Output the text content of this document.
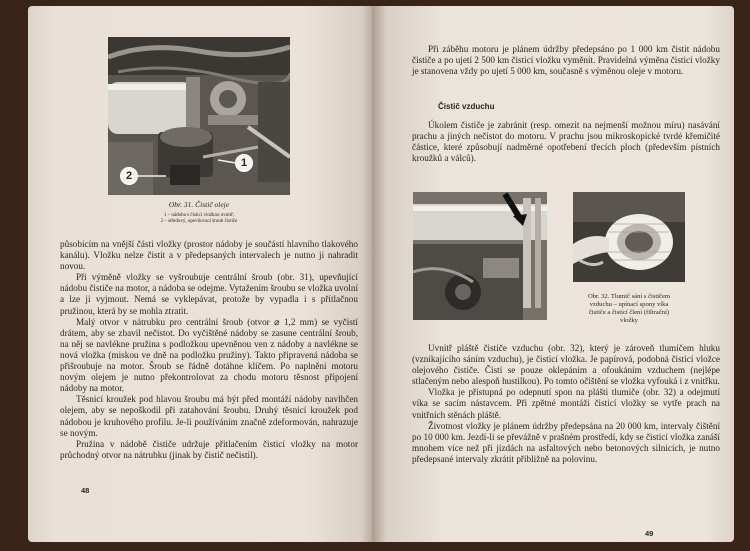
1
2
Obr. 31. Čistič oleje
1 – nádoba s čisticí vložkou uvnitř;
2 – středový, upevňovací šroub čističe

působícím na vnější části vložky (prostor nádoby je součástí hlavního tlakového kanálu). Vložku nelze čistit a v předepsaných intervalech je nutno ji nahradit novou.

Při výměně vložky se vyšroubuje centrální šroub (obr. 31), upevňující nádobu čističe na motor, a nádoba se odejme. Vytažením šroubu se vložka uvolní a lze ji vyjmout. Nemá se vyklepávat, protože by vypadla i s přítlačnou pružinou, která by se mohla ztratit.

Malý otvor v nátrubku pro centrální šroub (otvor ⌀ 1,2 mm) se vyčistí drátem, aby se zbavil nečistot. Do vyčištěné nádoby se zasune centrální šroub, na něj se navlékne pružina s podložkou upevněnou ven z nádoby a navlékne se nová vložka (miskou ve dně na podložku pružiny). Takto připravená nádoba se přišroubuje na motor. Šroub se řádně dotáhne klíčem. Po naplnění motoru novým olejem je nutno překontrolovat za chodu motoru těsnost připojení nádoby na motor.

Těsnicí kroužek pod hlavou šroubu má být před montáží nádoby navlhčen olejem, aby se nepoškodil při zatahování šroubu. Druhý těsnicí kroužek pod nádobou je kruhového profilu. Je-li používáním značně zdeformován, nahrazuje se novým.

Pružina v nádobě čističe udržuje přitlačením čisticí vložky na motor průchodný otvor na nátrubku (jinak by čistič nečistil).

48

Při záběhu motoru je plánem údržby předepsáno po 1 000 km čistit nádobu čističe a po ujetí 2 500 km čisticí vložku vyměnit. Pravidelná výměna čisticí vložky je stanovena vždy po ujetí 5 000 km, současně s výměnou oleje v motoru.

Čistič vzduchu

Úkolem čističe je zabránit (resp. omezit na nejmenší možnou míru) nasávání prachu a jiných nečistot do motoru. V prachu jsou mikroskopické tvrdé křemičité částice, které způsobují nadměrné opotřebení třecích ploch (především pístních kroužků a válců).

Obr. 32. Tlumič sání s čističem
vzduchu – upínací spony víka
čističe a čisticí člení (filtrační)
vložky

Uvnitř pláště čističe vzduchu (obr. 32), který je zároveň tlumičem hluku (vznikajícího sáním vzduchu), je čisticí vložka. Je papírová, podobná čisticí vložce olejového čističe. Čistí se pouze oklepáním a ofoukáním vzduchem (nejlépe stlačeným nebo alespoň hustilkou). Po tomto očištění se vložka vyfouká i z vnitřku.

Vložka je přístupná po odepnutí spon na plášti tlumiče (obr. 32) a odejmutí víka se sacím nástavcem. Při zpětné montáži čisticí vložky se vytře prach na vnitřních stěnách pláště.

Životnost vložky je plánem údržby předepsána na 20 000 km, intervaly čištění po 10 000 km. Jezdí-li se převážně v prašném prostředí, kdy se čisticí vložka zanáší mnohem více než při jízdách na asfaltových nebo betonových silnicích, je nutno předepsané intervaly zkrátit přibližně na polovinu.

49
